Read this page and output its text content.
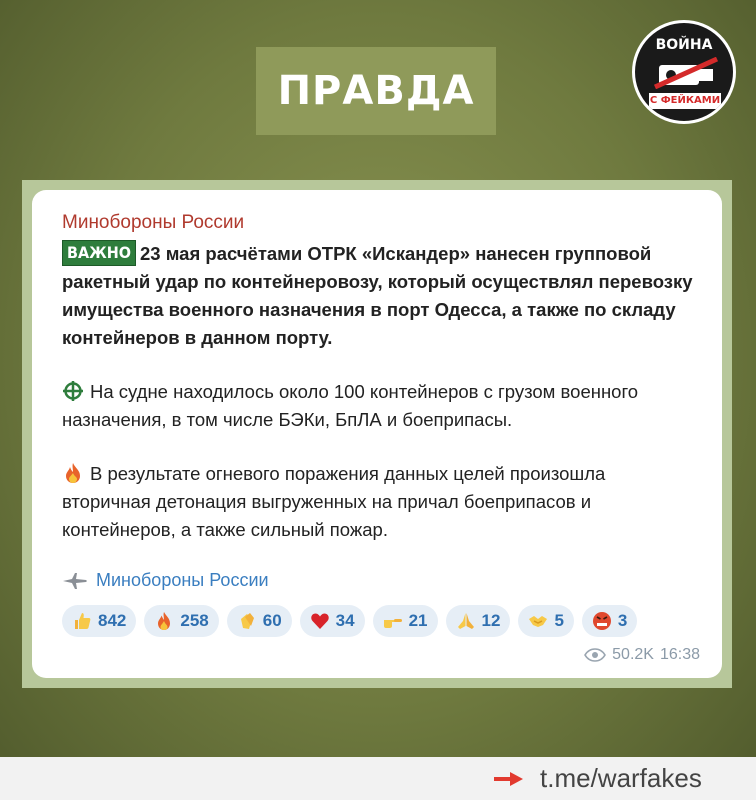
ПРАВДА
ВОЙНА
С ФЕЙКАМИ
Минобороны России
ВАЖНО 23 мая расчётами ОТРК «Искандер» нанесен групповой ракетный удар по контейнеровозу, который осуществлял перевозку имущества военного назначения в порт Одесса, а также по складу контейнеров в данном порту.
На судне находилось около 100 контейнеров с грузом военного назначения, в том числе БЭКи, БпЛА и боеприпасы.
В результате огневого поражения данных целей произошла вторичная детонация выгруженных на причал боеприпасов и контейнеров, а также сильный пожар.
Минобороны России
842	258	60	34	21	12	5	3
50.2K 16:38
t.me/warfakes
